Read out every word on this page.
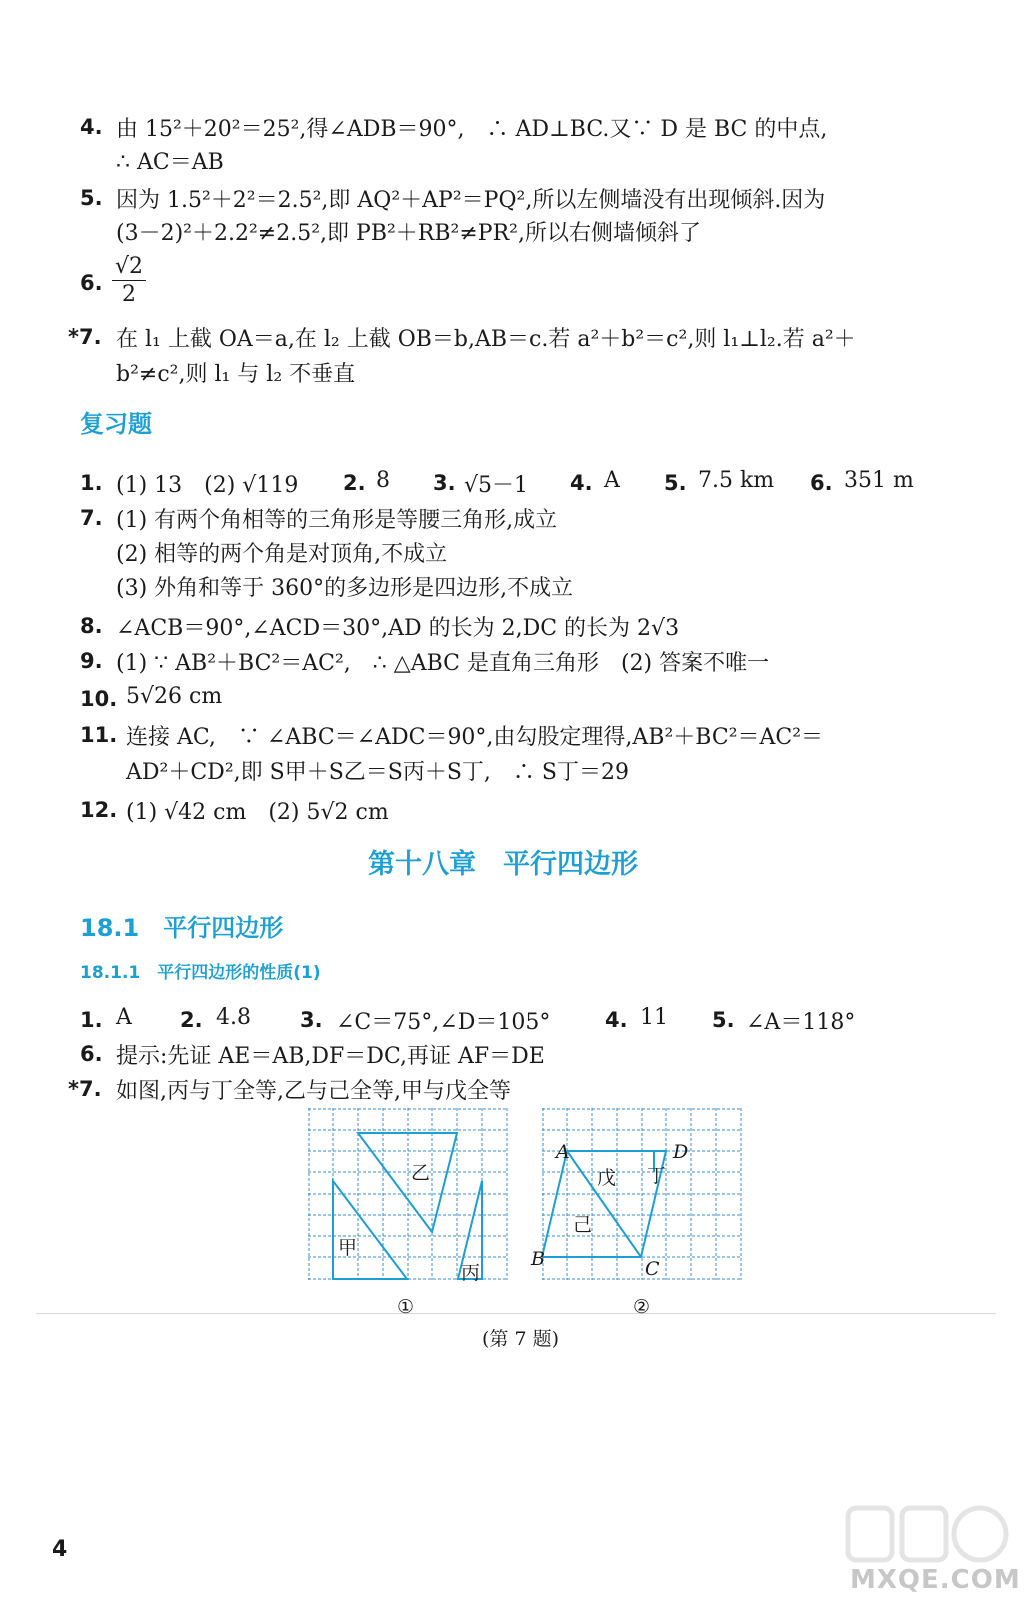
4. 由 15²＋20²＝25²,得∠ADB＝90°,　∴ AD⊥BC.又∵ D 是 BC 的中点,
∴ AC＝AB
5. 因为 1.5²＋2²＝2.5²,即 AQ²＋AP²＝PQ²,所以左侧墙没有出现倾斜.因为
(3－2)²＋2.2²≠2.5²,即 PB²＋RB²≠PR²,所以右侧墙倾斜了
6. $\frac{√2}{2}$
*7. 在 l₁ 上截 OA＝a,在 l₂ 上截 OB＝b,AB＝c.若 a²＋b²＝c²,则 l₁⊥l₂.若 a²＋
b²≠c²,则 l₁ 与 l₂ 不垂直
复习题
1. (1) 13　(2) √119 2. 8 3. √5－1 4. A 5. 7.5 km 6. 351 m
7. (1) 有两个角相等的三角形是等腰三角形,成立
(2) 相等的两个角是对顶角,不成立
(3) 外角和等于 360°的多边形是四边形,不成立
8. ∠ACB＝90°,∠ACD＝30°,AD 的长为 2,DC 的长为 2√3
9. (1) ∵ AB²＋BC²＝AC²,　∴ △ABC 是直角三角形　(2) 答案不唯一
10. 5√26 cm
11. 连接 AC,　∵ ∠ABC＝∠ADC＝90°,由勾股定理得,AB²＋BC²＝AC²＝
AD²＋CD²,即 S甲＋S乙＝S丙＋S丁,　∴ S丁＝29
12. (1) √42 cm　(2) 5√2 cm
第十八章　平行四边形
18.1　平行四边形
18.1.1　平行四边形的性质(1)
1. A 2. 4.8 3. ∠C＝75°,∠D＝105°	4. 11 5. ∠A＝118°
6. 提示:先证 AE＝AB,DF＝DC,再证 AF＝DE
*7. 如图,丙与丁全等,乙与己全等,甲与戊全等
乙
甲
丙
A	D
B	C
戊 丁
己
①	②
(第 7 题)
4
MXQE.COM
